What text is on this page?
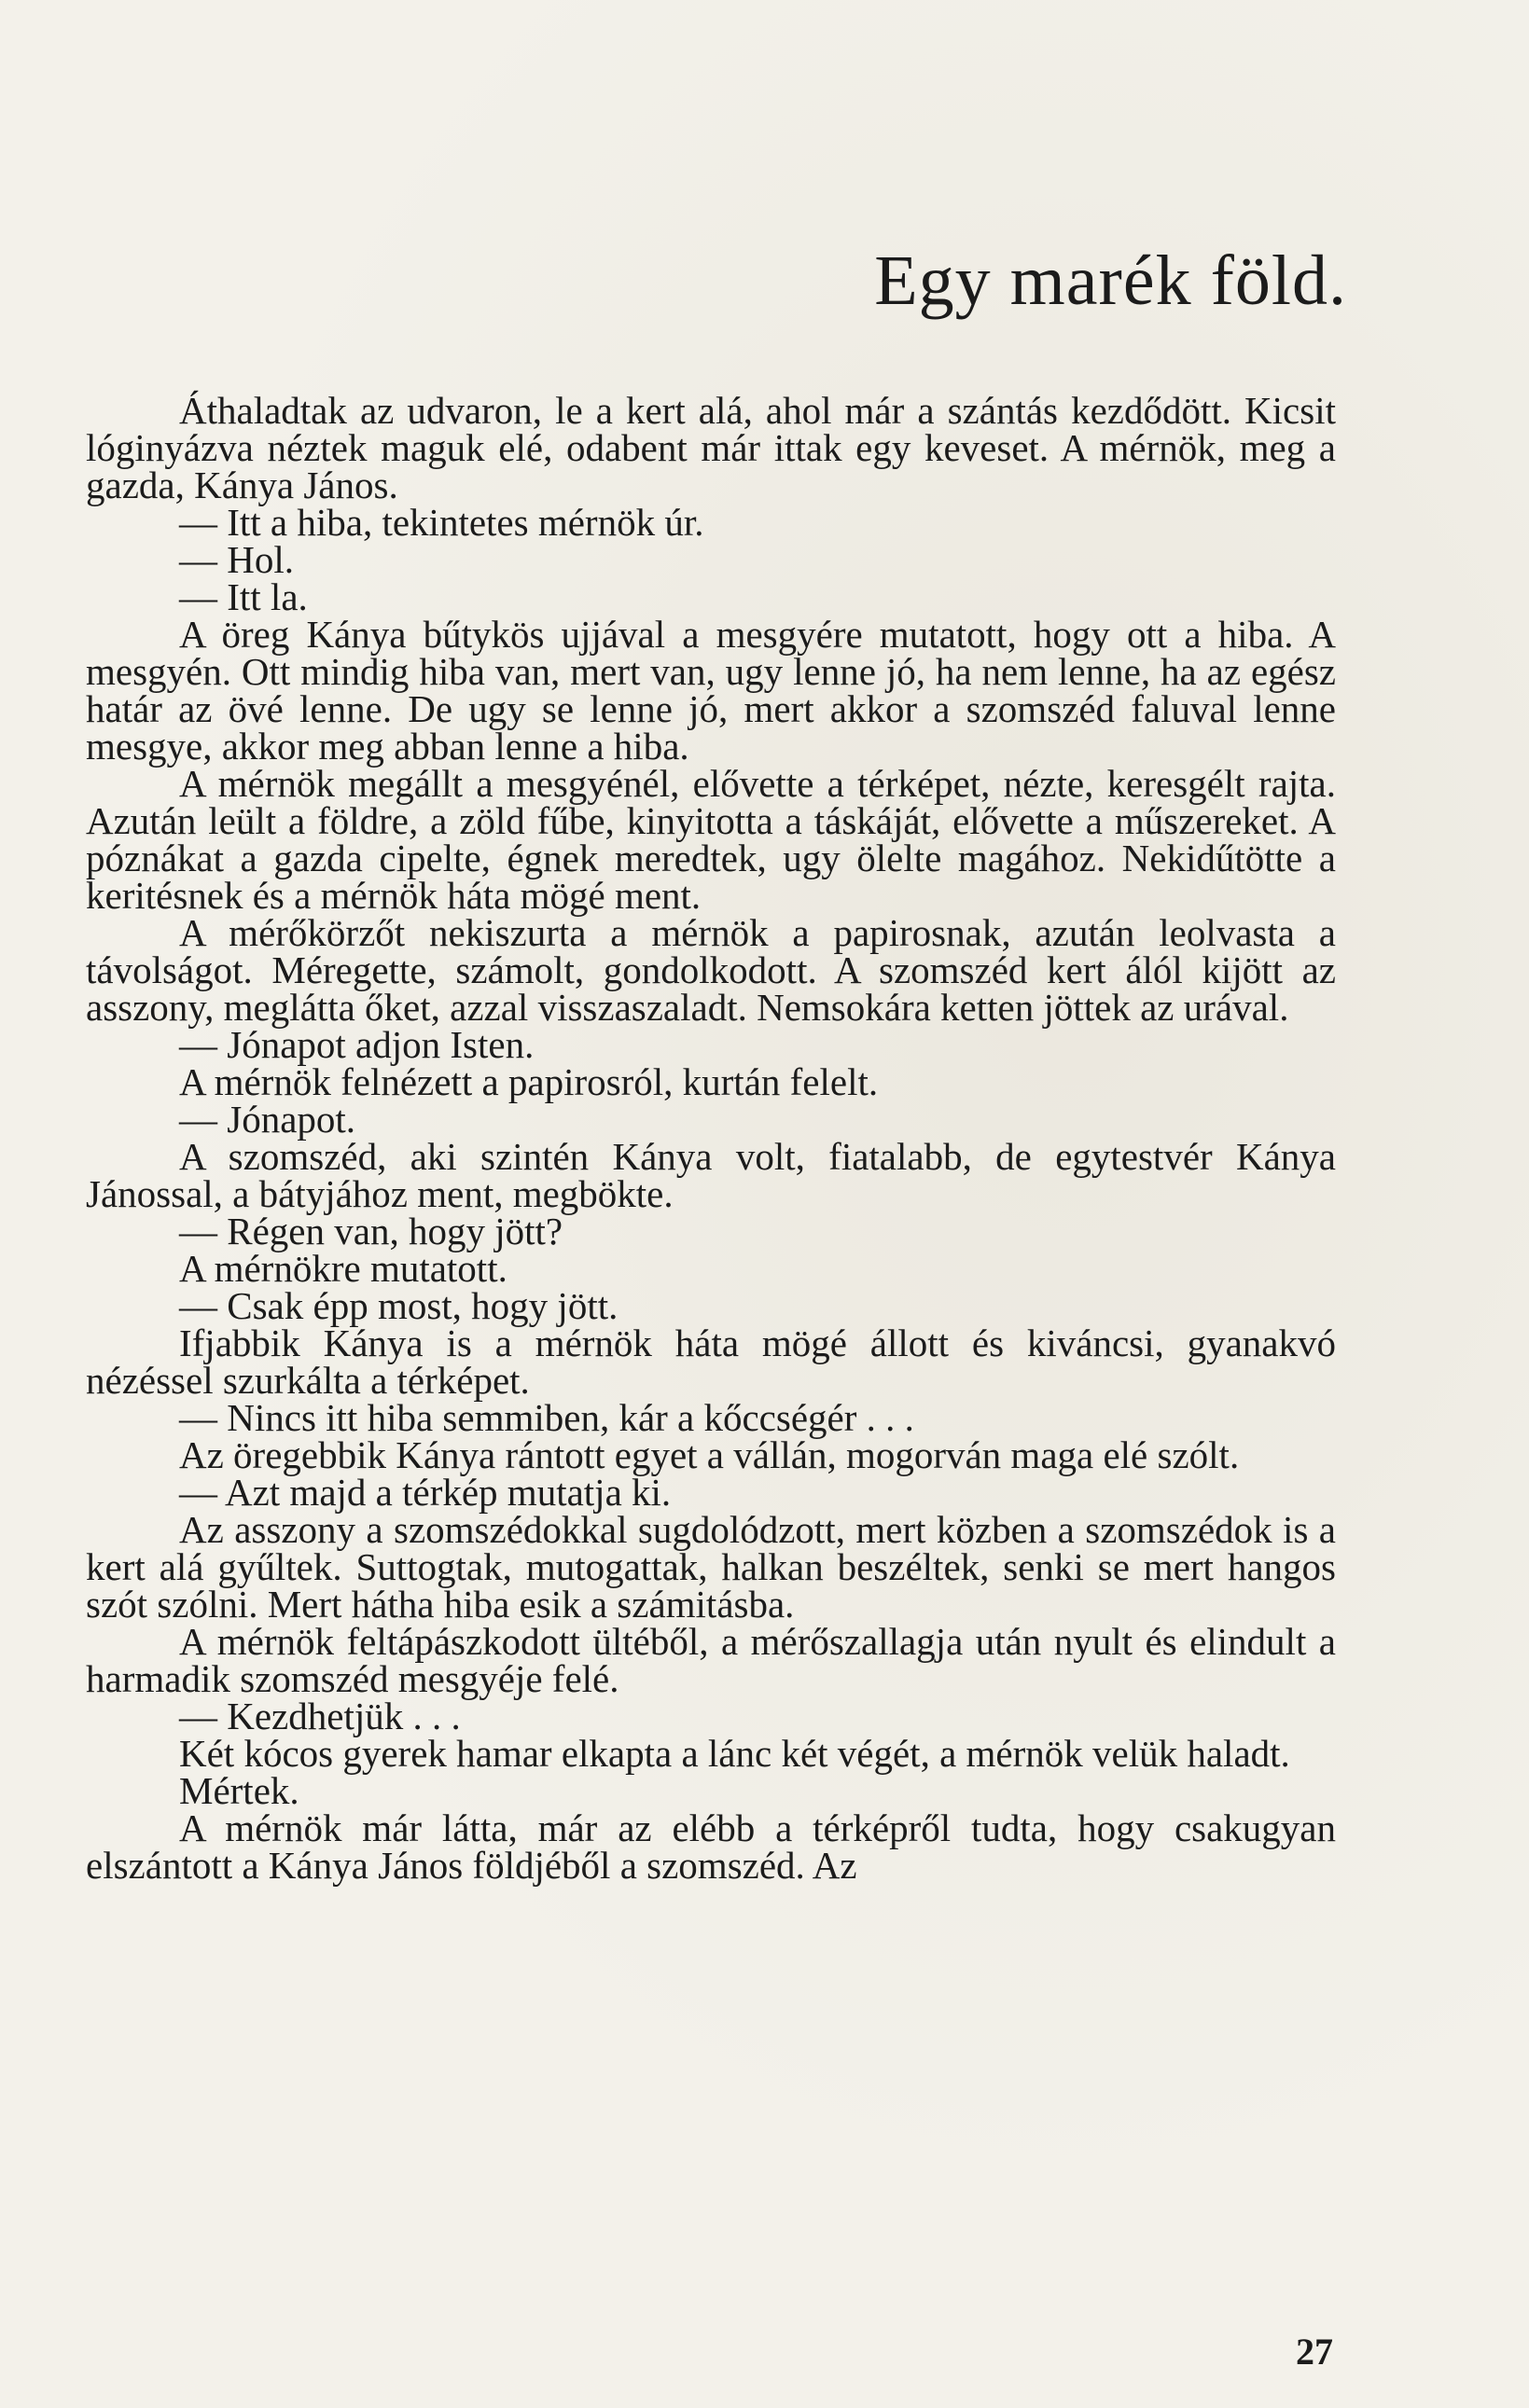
Egy marék föld.

Áthaladtak az udvaron, le a kert alá, ahol már a szántás kezdődött. Kicsit lóginyázva néztek maguk elé, odabent már ittak egy keveset. A mérnök, meg a gazda, Kánya János.

— Itt a hiba, tekintetes mérnök úr.

— Hol.

— Itt la.

A öreg Kánya bűtykös ujjával a mesgyére mutatott, hogy ott a hiba. A mesgyén. Ott mindig hiba van, mert van, ugy lenne jó, ha nem lenne, ha az egész határ az övé lenne. De ugy se lenne jó, mert akkor a szomszéd faluval lenne mesgye, akkor meg abban lenne a hiba.

A mérnök megállt a mesgyénél, elővette a térképet, nézte, keresgélt rajta. Azután leült a földre, a zöld fűbe, kinyitotta a táskáját, elővette a műszereket. A póznákat a gazda cipelte, égnek meredtek, ugy ölelte magához. Nekidűtötte a keritésnek és a mérnök háta mögé ment.

A mérőkörzőt nekiszurta a mérnök a papirosnak, azután leolvasta a távolságot. Méregette, számolt, gondolkodott. A szomszéd kert álól kijött az asszony, meglátta őket, azzal visszaszaladt. Nemsokára ketten jöttek az urával.

— Jónapot adjon Isten.

A mérnök felnézett a papirosról, kurtán felelt.

— Jónapot.

A szomszéd, aki szintén Kánya volt, fiatalabb, de egytestvér Kánya Jánossal, a bátyjához ment, megbökte.

— Régen van, hogy jött?

A mérnökre mutatott.

— Csak épp most, hogy jött.

Ifjabbik Kánya is a mérnök háta mögé állott és kiváncsi, gyanakvó nézéssel szurkálta a térképet.

— Nincs itt hiba semmiben, kár a kőccségér . . .

Az öregebbik Kánya rántott egyet a vállán, mogorván maga elé szólt.

— Azt majd a térkép mutatja ki.

Az asszony a szomszédokkal sugdolódzott, mert közben a szomszédok is a kert alá gyűltek. Suttogtak, mutogattak, halkan beszéltek, senki se mert hangos szót szólni. Mert hátha hiba esik a számitásba.

A mérnök feltápászkodott ültéből, a mérőszallagja után nyult és elindult a harmadik szomszéd mesgyéje felé.

— Kezdhetjük . . .

Két kócos gyerek hamar elkapta a lánc két végét, a mérnök velük haladt.

Mértek.

A mérnök már látta, már az elébb a térképről tudta, hogy csakugyan elszántott a Kánya János földjéből a szomszéd. Az

27
